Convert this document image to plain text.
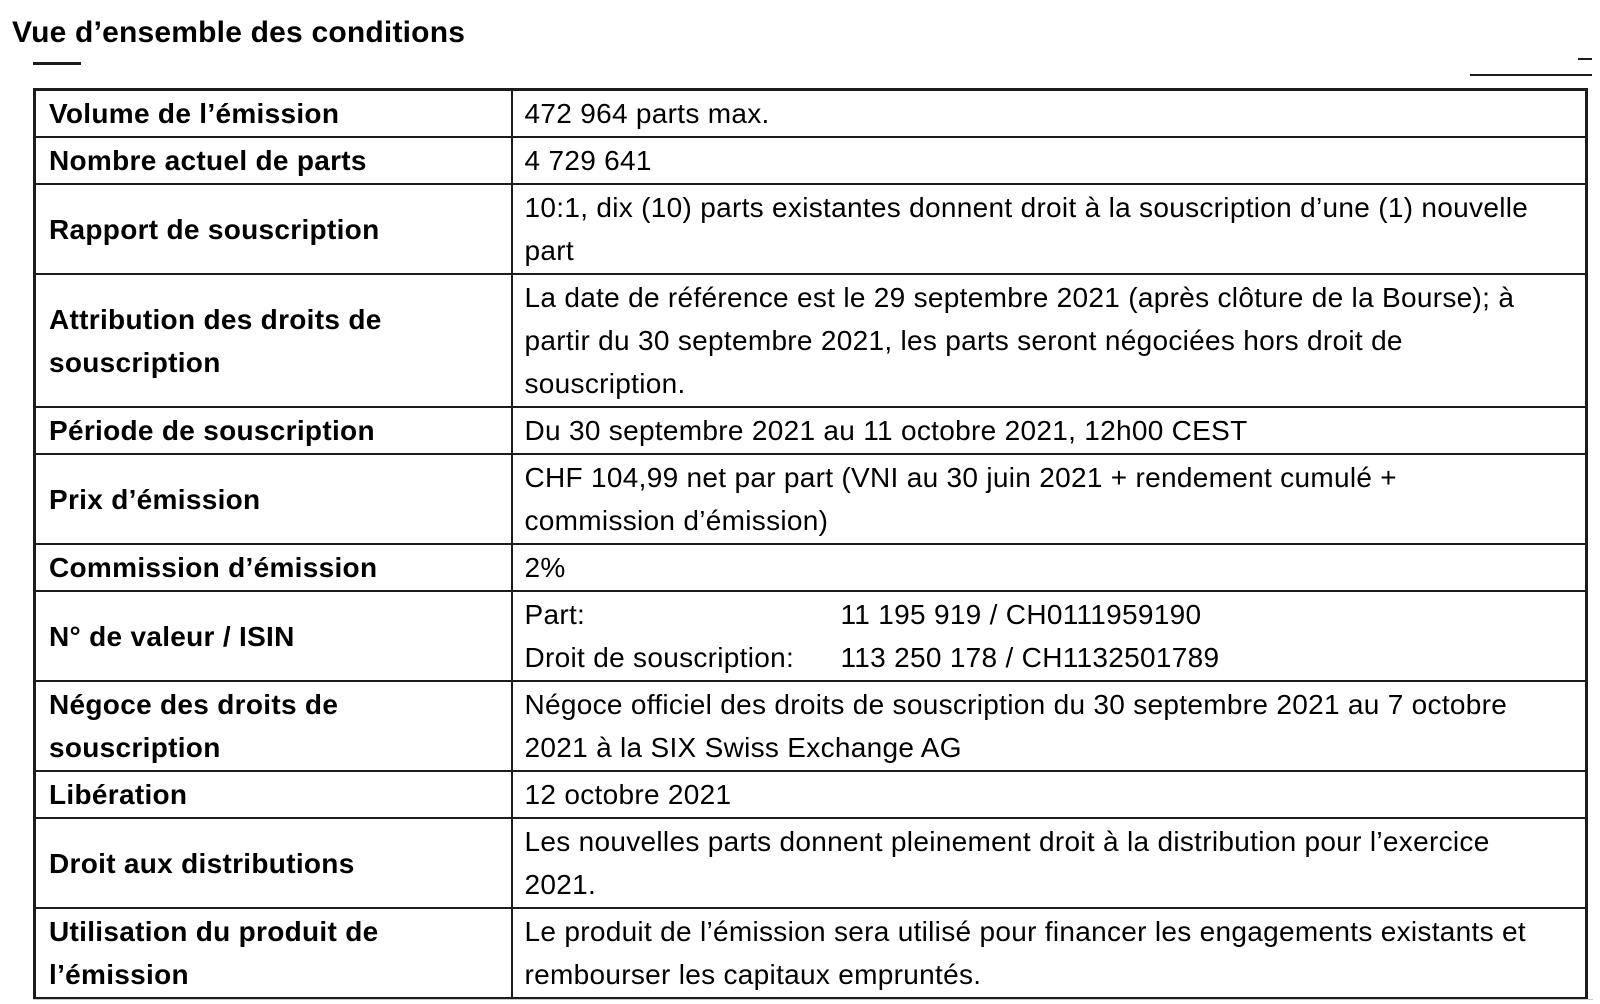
Vue d’ensemble des conditions
Volume de l’émission	472 964 parts max.
Nombre actuel de parts	4 729 641
Rapport de souscription	10:1, dix (10) parts existantes donnent droit à la souscription d’une (1) nouvelle part
Attribution des droits de souscription	La date de référence est le 29 septembre 2021 (après clôture de la Bourse); à partir du 30 septembre 2021, les parts seront négociées hors droit de souscription.
Période de souscription	Du 30 septembre 2021 au 11 octobre 2021, 12h00 CEST
Prix d’émission	CHF 104,99 net par part (VNI au 30 juin 2021 + rendement cumulé + commission d’émission)
Commission d’émission	2%
N° de valeur / ISIN	Part: 11 195 919 / CH0111959190
Droit de souscription: 113 250 178 / CH1132501789

Négoce des droits de souscription	Négoce officiel des droits de souscription du 30 septembre 2021 au 7 octobre 2021 à la SIX Swiss Exchange AG
Libération	12 octobre 2021
Droit aux distributions	Les nouvelles parts donnent pleinement droit à la distribution pour l’exercice 2021.
Utilisation du produit de l’émission	Le produit de l’émission sera utilisé pour financer les engagements existants et rembourser les capitaux empruntés.
